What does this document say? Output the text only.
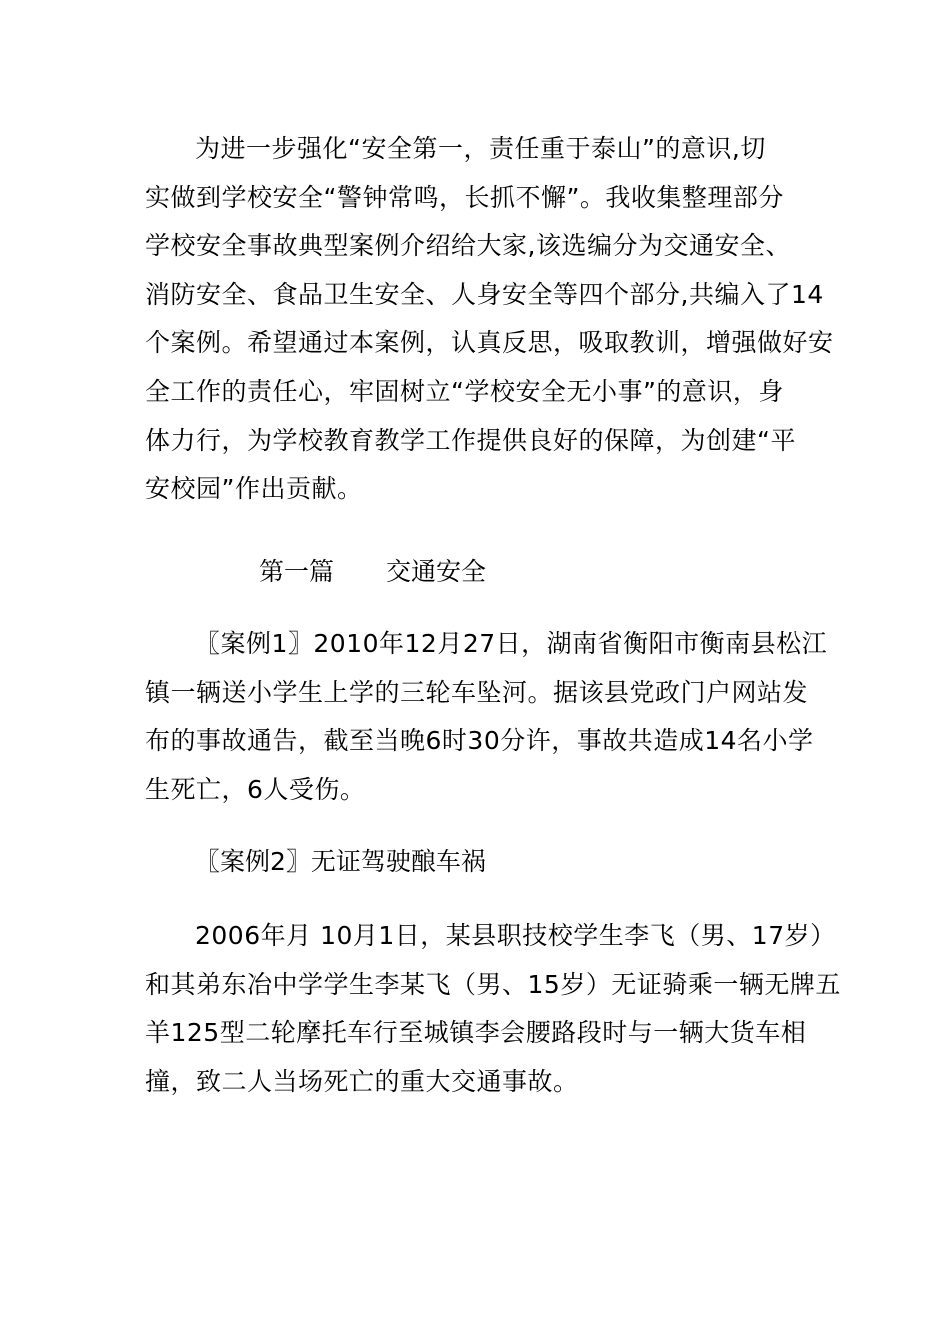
为进一步强化“安全第一，责任重于泰山”的意识,切
实做到学校安全“警钟常鸣，长抓不懈”。我收集整理部分
学校安全事故典型案例介绍给大家,该选编分为交通安全、
消防安全、食品卫生安全、人身安全等四个部分,共编入了14
个案例。希望通过本案例，认真反思，吸取教训，增强做好安
全工作的责任心，牢固树立“学校安全无小事”的意识，身
体力行，为学校教育教学工作提供良好的保障，为创建“平
安校园”作出贡献。
第一篇 交通安全
〖案例1〗2010年12月27日，湖南省衡阳市衡南县松江
镇一辆送小学生上学的三轮车坠河。据该县党政门户网站发
布的事故通告，截至当晚6时30分许，事故共造成14名小学
生死亡，6人受伤。
〖案例2〗无证驾驶酿车祸
2006年月 10月1日，某县职技校学生李飞（男、17岁）
和其弟东冶中学学生李某飞（男、15岁）无证骑乘一辆无牌五
羊125型二轮摩托车行至城镇李会腰路段时与一辆大货车相
撞，致二人当场死亡的重大交通事故。
